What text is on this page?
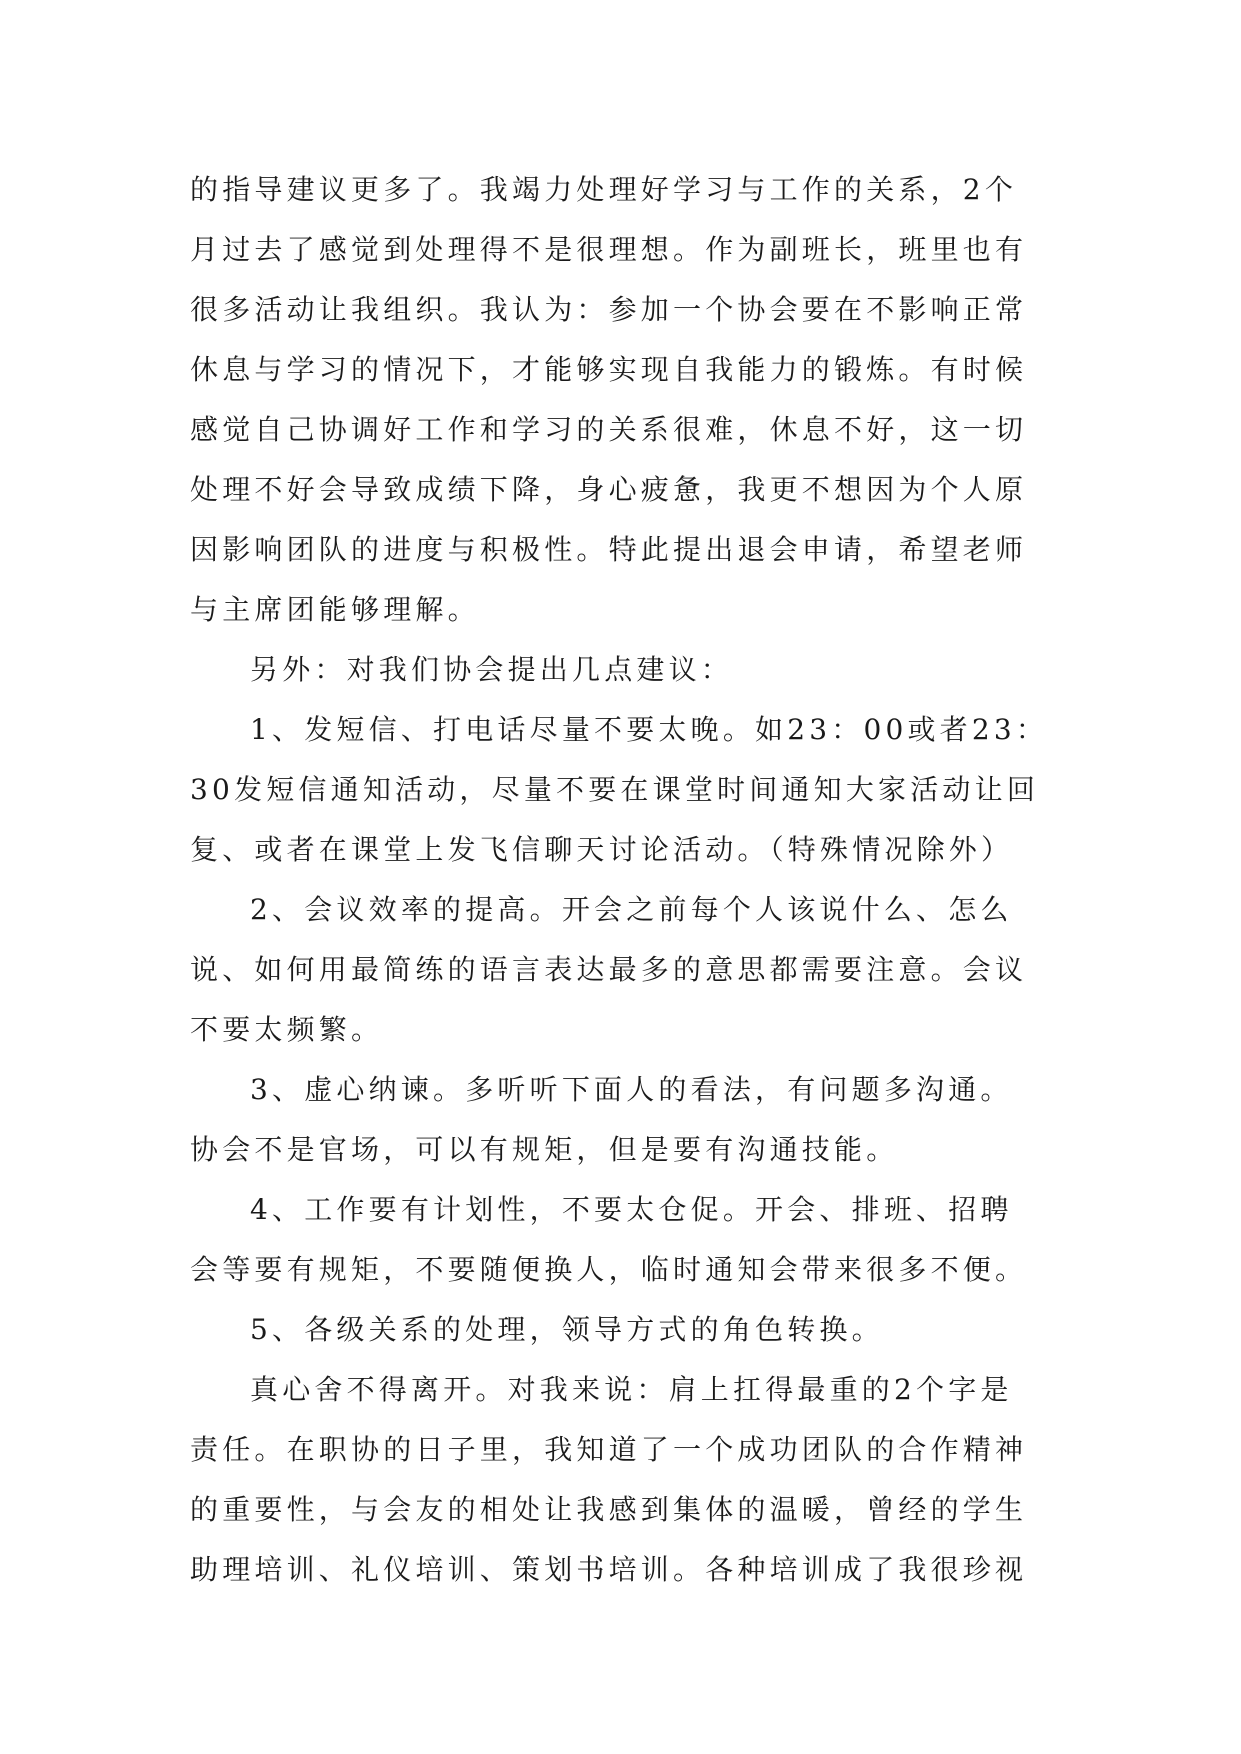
的指导建议更多了。我竭力处理好学习与工作的关系，2个
月过去了感觉到处理得不是很理想。作为副班长，班里也有
很多活动让我组织。我认为：参加一个协会要在不影响正常
休息与学习的情况下，才能够实现自我能力的锻炼。有时候
感觉自己协调好工作和学习的关系很难，休息不好，这一切
处理不好会导致成绩下降，身心疲惫，我更不想因为个人原
因影响团队的进度与积极性。特此提出退会申请，希望老师
与主席团能够理解。
另外：对我们协会提出几点建议：
1、发短信、打电话尽量不要太晚。如23：00或者23：
30发短信通知活动，尽量不要在课堂时间通知大家活动让回
复、或者在课堂上发飞信聊天讨论活动。（特殊情况除外）
2、会议效率的提高。开会之前每个人该说什么、怎么
说、如何用最简练的语言表达最多的意思都需要注意。会议
不要太频繁。
3、虚心纳谏。多听听下面人的看法，有问题多沟通。
协会不是官场，可以有规矩，但是要有沟通技能。
4、工作要有计划性，不要太仓促。开会、排班、招聘
会等要有规矩，不要随便换人，临时通知会带来很多不便。
5、各级关系的处理，领导方式的角色转换。
真心舍不得离开。对我来说：肩上扛得最重的2个字是
责任。在职协的日子里，我知道了一个成功团队的合作精神
的重要性，与会友的相处让我感到集体的温暖，曾经的学生
助理培训、礼仪培训、策划书培训。各种培训成了我很珍视
